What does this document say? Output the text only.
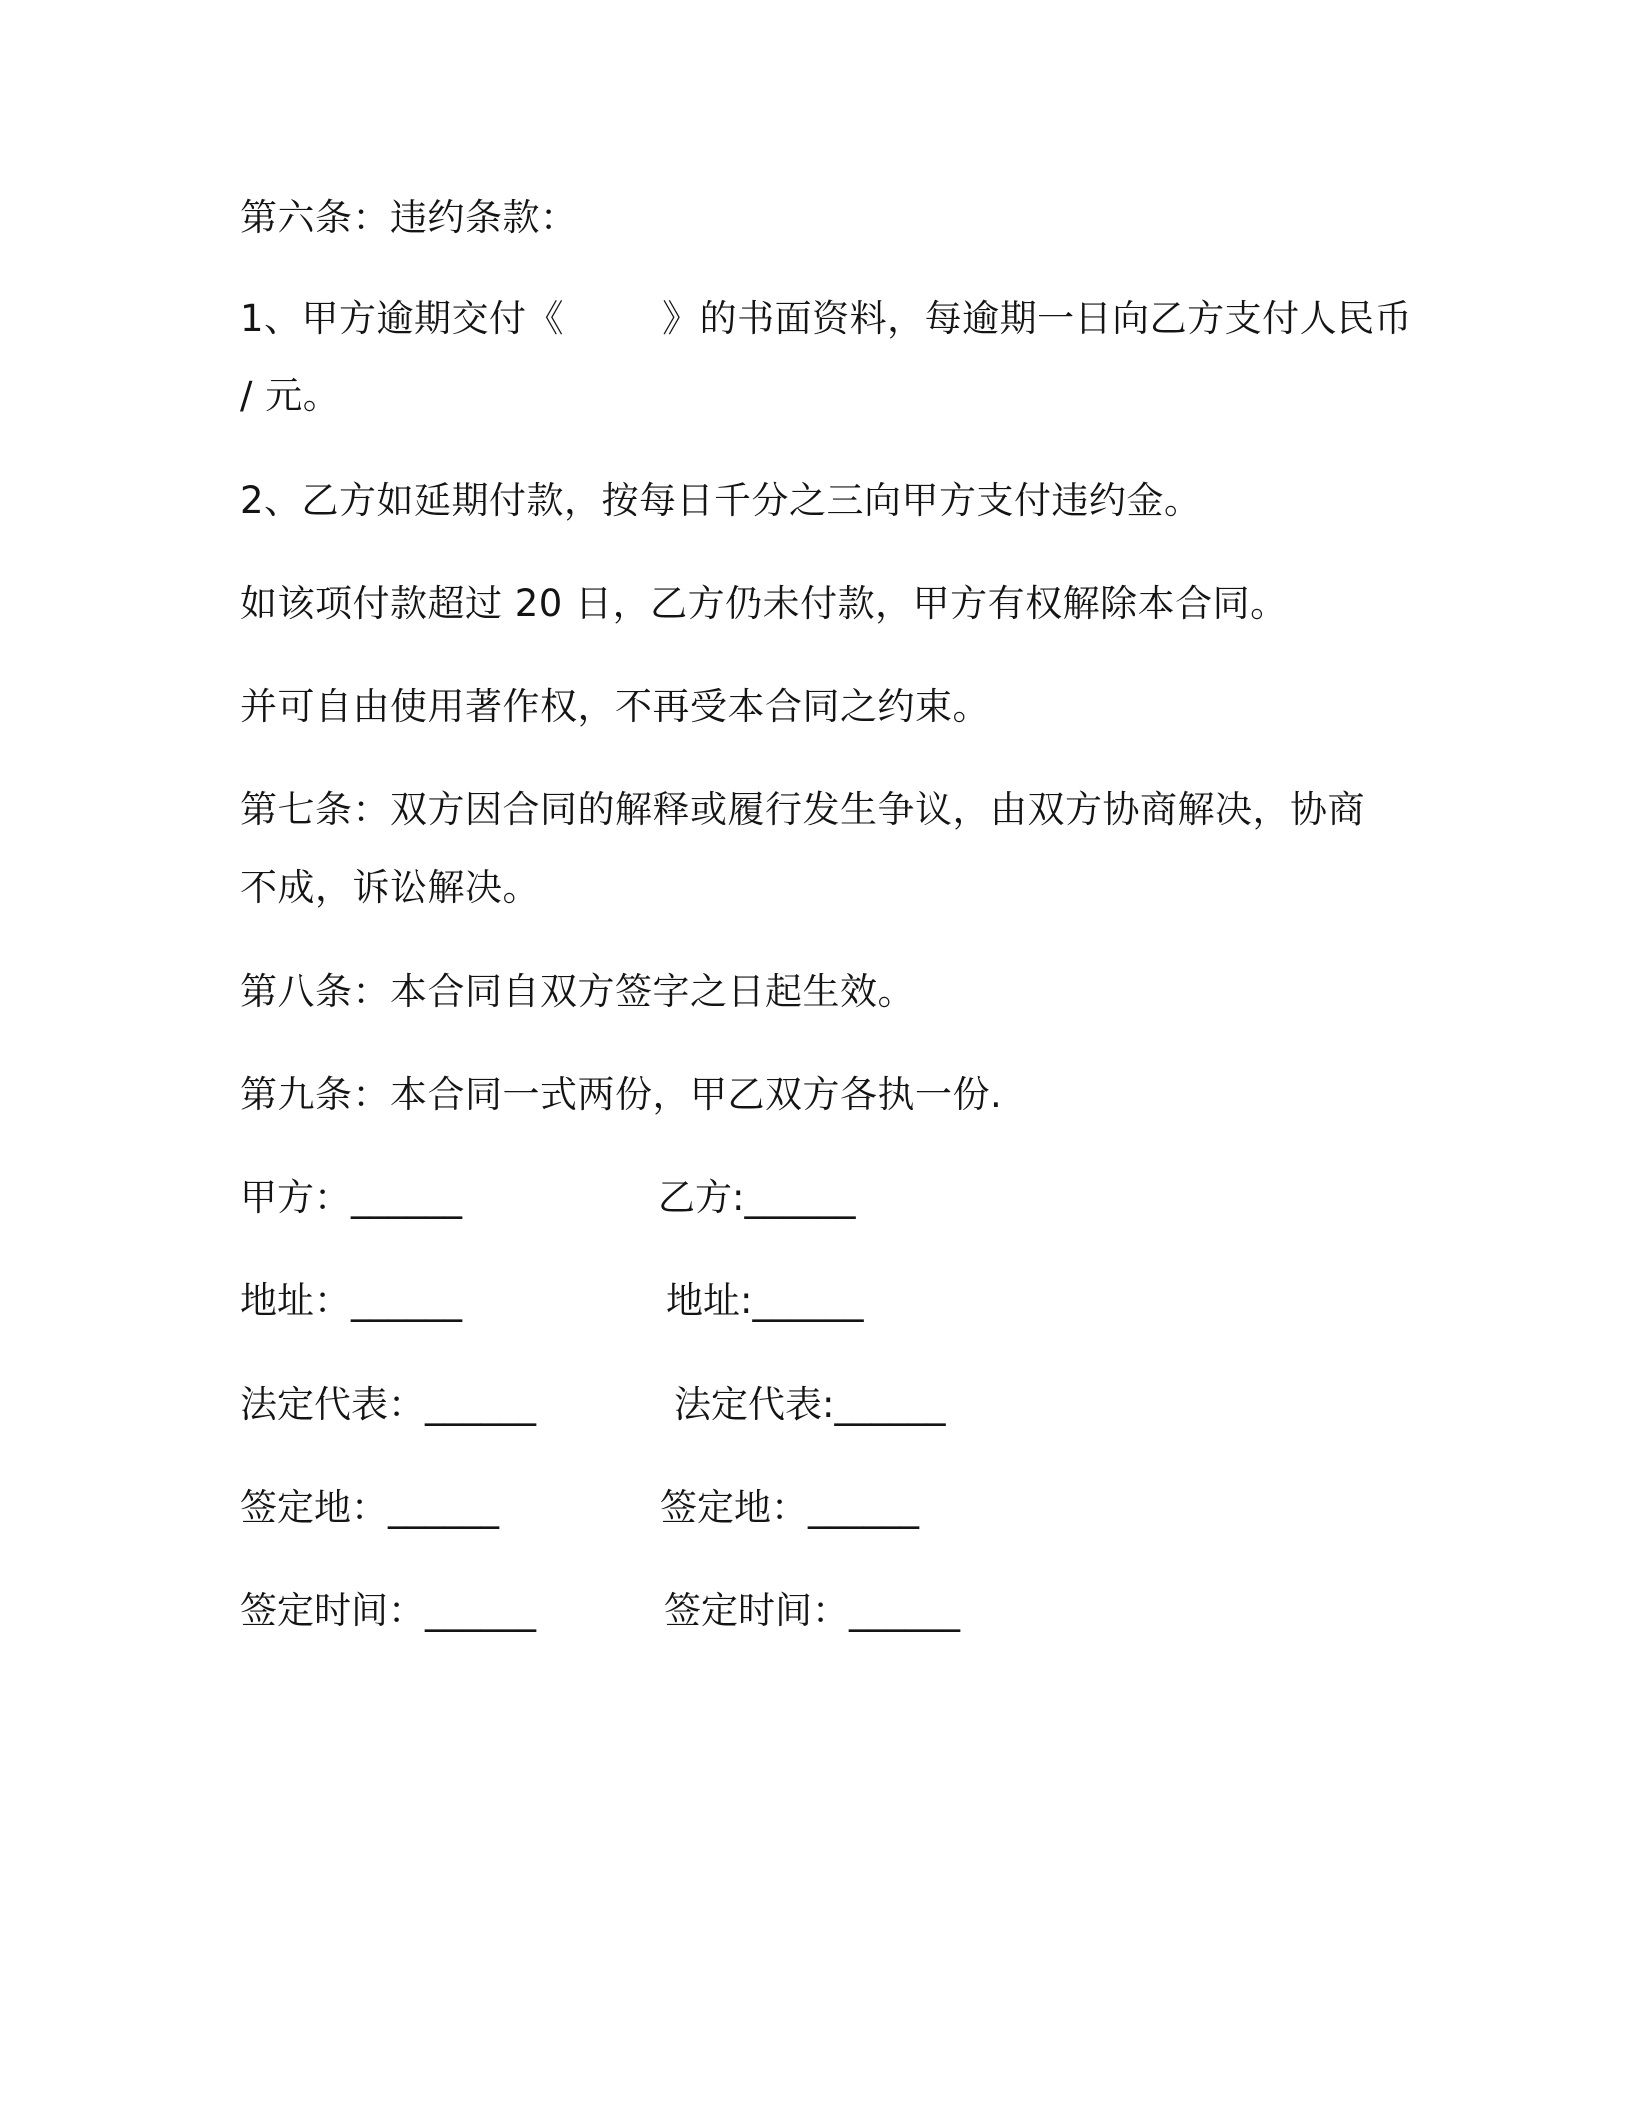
第六条：违约条款：
1、甲方逾期交付《        》的书面资料，每逾期一日向乙方支付人民币
/ 元。
2、乙方如延期付款，按每日千分之三向甲方支付违约金。
如该项付款超过 20 日，乙方仍未付款，甲方有权解除本合同。
并可自由使用著作权，不再受本合同之约束。
第七条：双方因合同的解释或履行发生争议，由双方协商解决，协商
不成，诉讼解决。
第八条：本合同自双方签字之日起生效。
第九条：本合同一式两份，甲乙双方各执一份.
甲方：______	乙方:______
地址：______	地址:______
法定代表：______	法定代表:______
签定地：______	签定地：______
签定时间：______	签定时间：______
